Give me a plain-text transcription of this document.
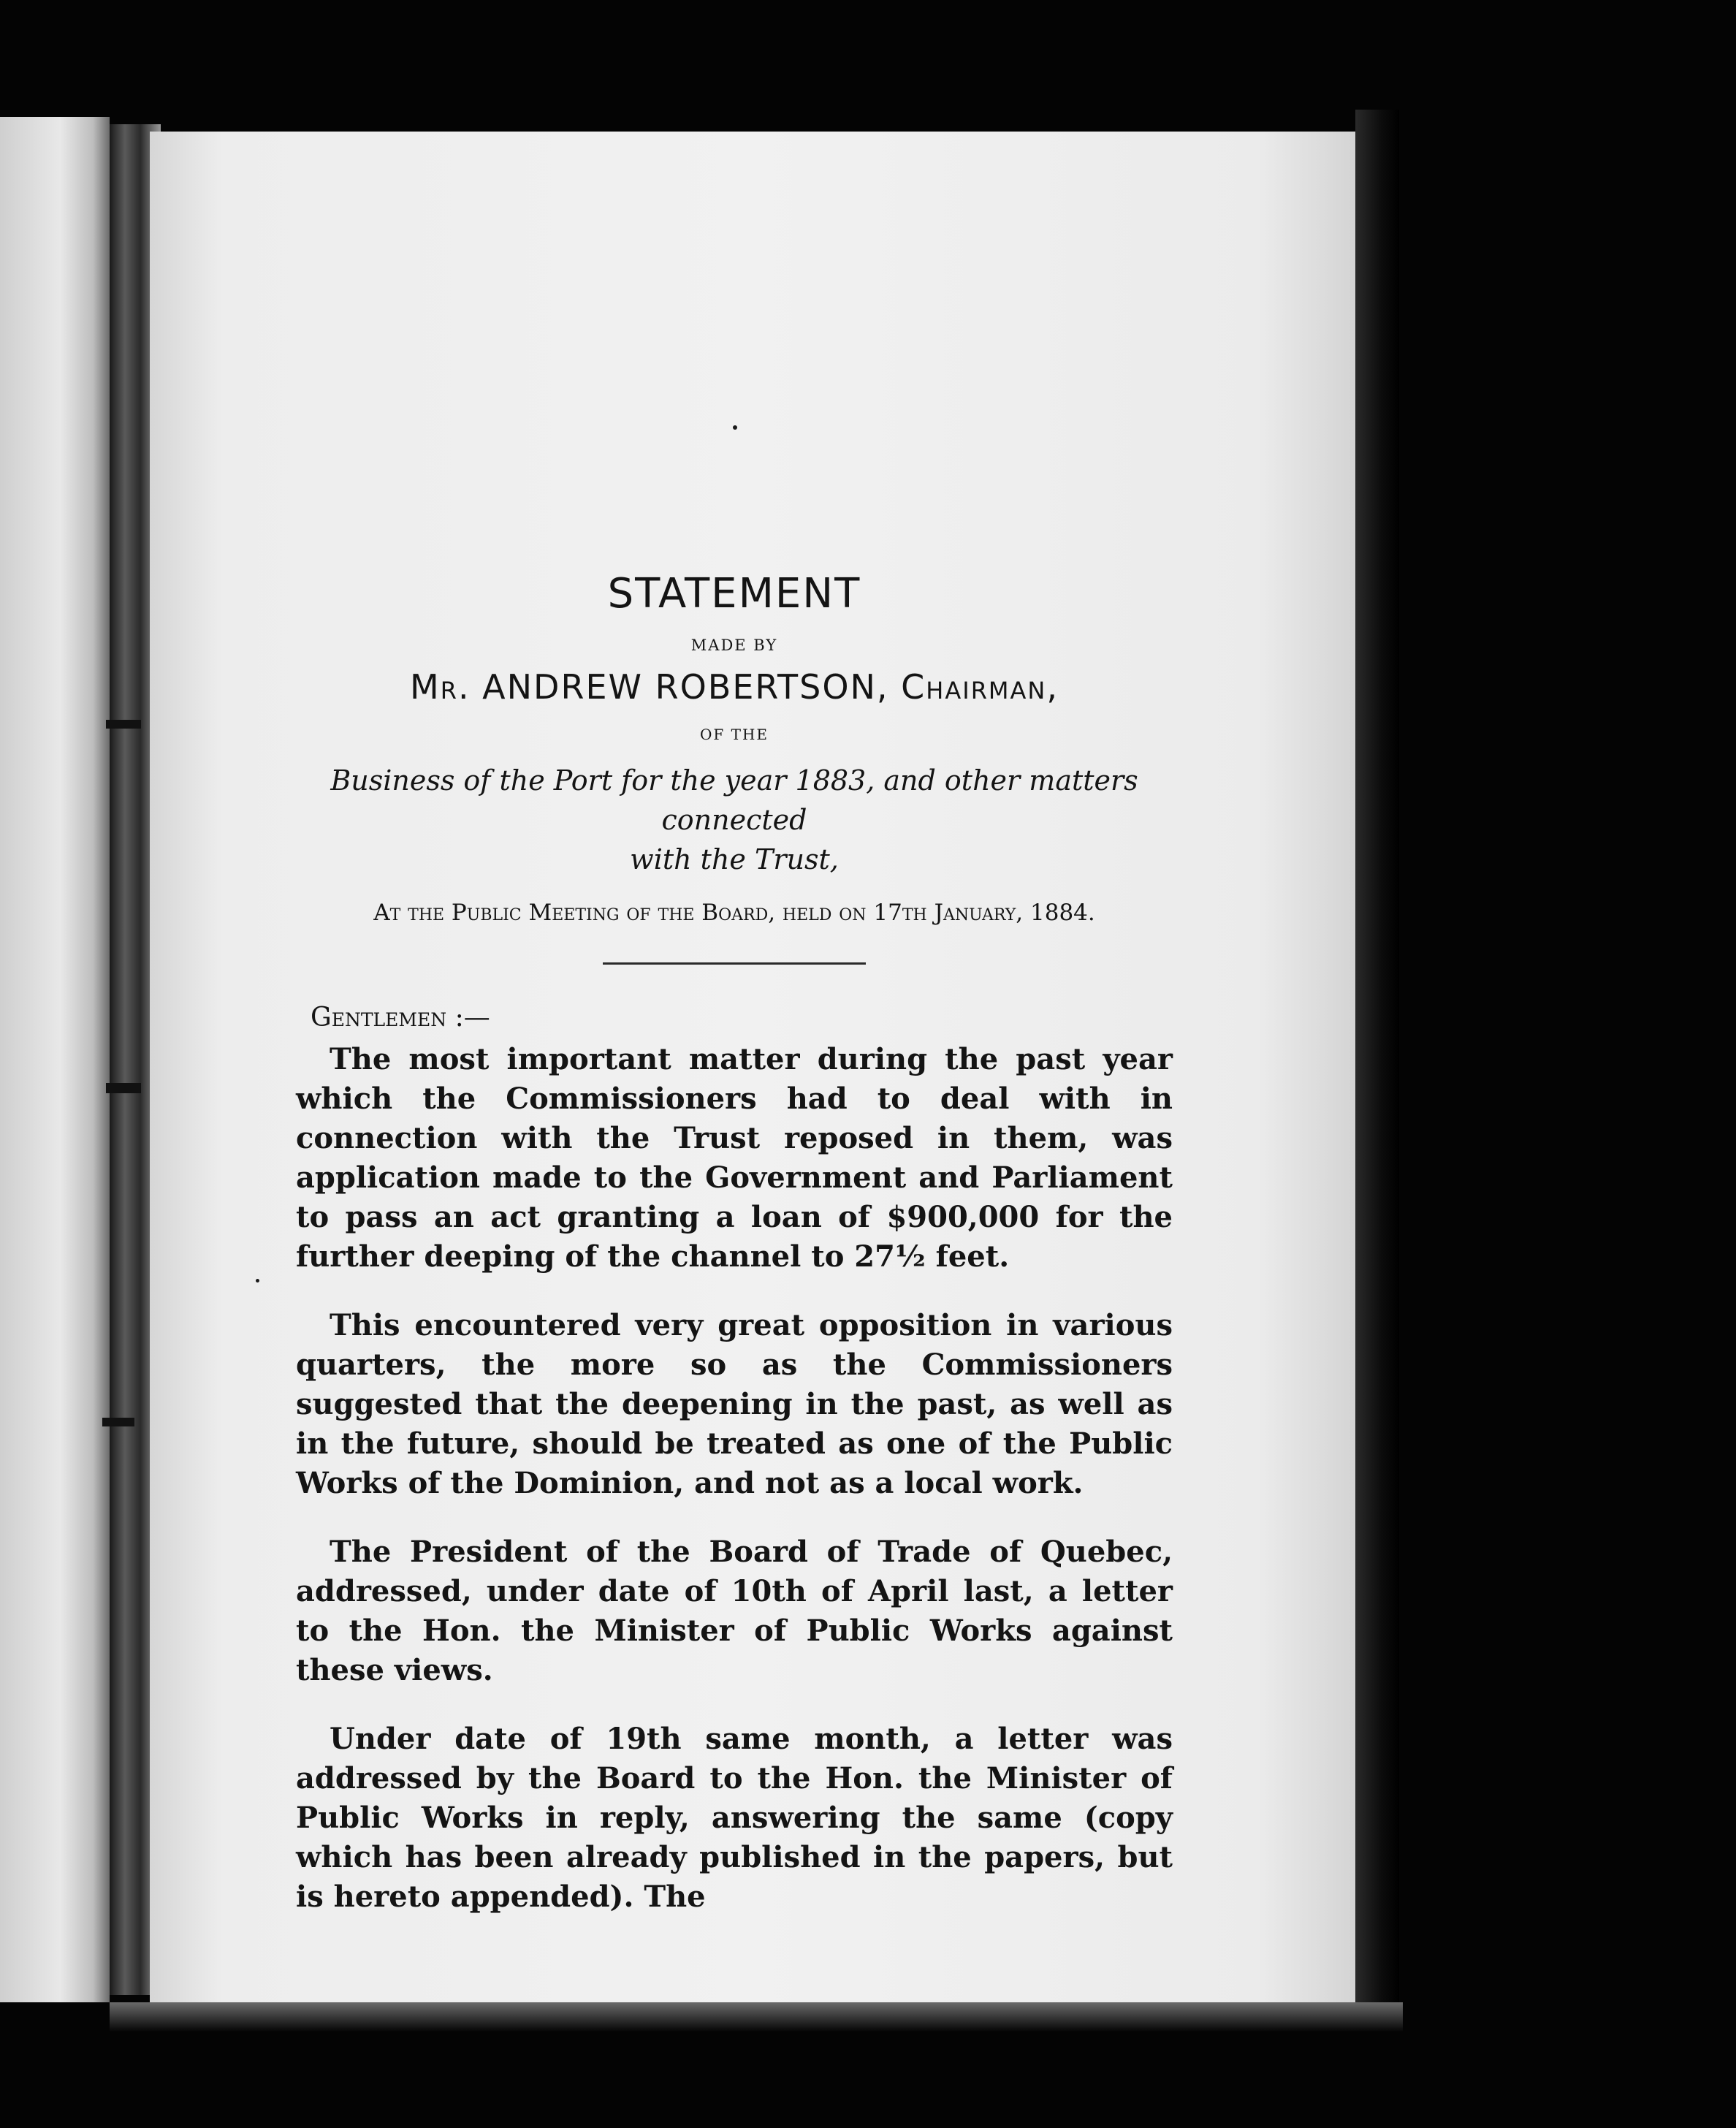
STATEMENT
MADE BY
Mr. ANDREW ROBERTSON, Chairman,
OF THE
Business of the Port for the year 1883, and other matters connected
with the Trust,
At the Public Meeting of the Board, held on 17th January, 1884.
Gentlemen :—

The most important matter during the past year which the Commissioners had to deal with in connection with the Trust reposed in them, was application made to the Government and Parliament to pass an act granting a loan of $900,000 for the further deeping of the channel to 27½ feet.

This encountered very great opposition in various quarters, the more so as the Commissioners suggested that the deepening in the past, as well as in the future, should be treated as one of the Public Works of the Dominion, and not as a local work.

The President of the Board of Trade of Quebec, addressed, under date of 10th of April last, a letter to the Hon. the Minister of Public Works against these views.

Under date of 19th same month, a letter was addressed by the Board to the Hon. the Minister of Public Works in reply, answering the same (copy which has been already published in the papers, but is hereto appended). The
